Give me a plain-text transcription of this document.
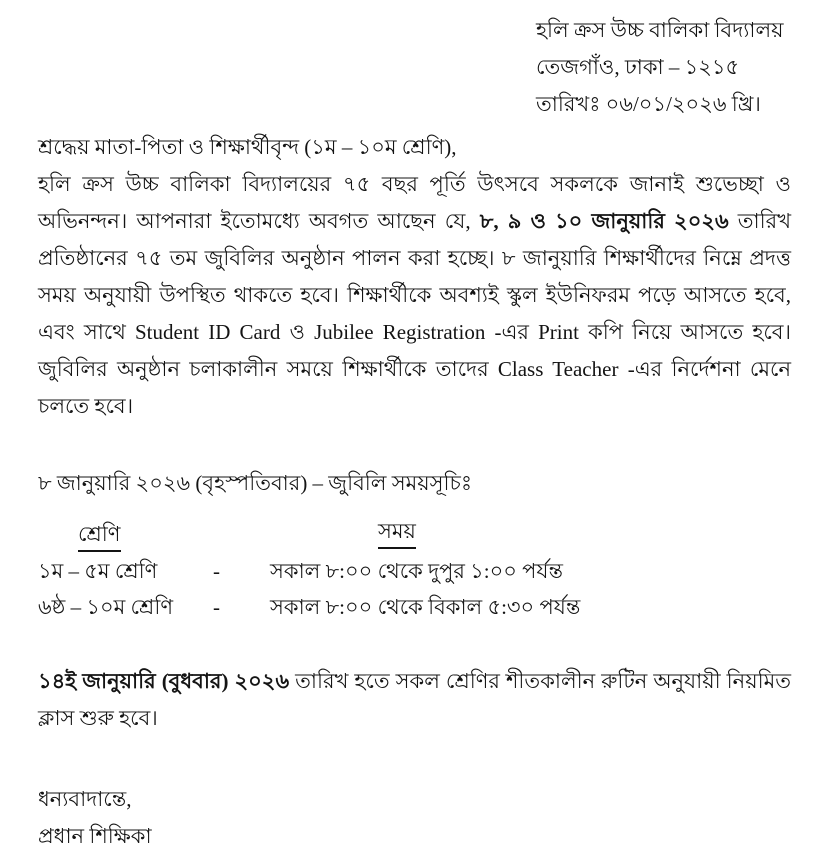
হলি ক্রস উচ্চ বালিকা বিদ্যালয়
তেজগাঁও, ঢাকা – ১২১৫
তারিখঃ ০৬/০১/২০২৬ খ্রি।
শ্রদ্ধেয় মাতা-পিতা ও শিক্ষার্থীবৃন্দ (১ম – ১০ম শ্রেণি),
হলি ক্রস উচ্চ বালিকা বিদ্যালয়ের ৭৫ বছর পূর্তি উৎসবে সকলকে জানাই শুভেচ্ছা ও অভিনন্দন। আপনারা ইতোমধ্যে অবগত আছেন যে, ৮, ৯ ও ১০ জানুয়ারি ২০২৬ তারিখ প্রতিষ্ঠানের ৭৫ তম জুবিলির অনুষ্ঠান পালন করা হচ্ছে। ৮ জানুয়ারি শিক্ষার্থীদের নিম্নে প্রদত্ত সময় অনুযায়ী উপস্থিত থাকতে হবে। শিক্ষার্থীকে অবশ্যই স্কুল ইউনিফরম পড়ে আসতে হবে, এবং সাথে Student ID Card ও Jubilee Registration -এর Print কপি নিয়ে আসতে হবে। জুবিলির অনুষ্ঠান চলাকালীন সময়ে শিক্ষার্থীকে তাদের Class Teacher -এর নির্দেশনা মেনে চলতে হবে।
৮ জানুয়ারি ২০২৬ (বৃহস্পতিবার) – জুবিলি সময়সূচিঃ
শ্রেণি	সময়
১ম – ৫ম শ্রেণি	-	সকাল ৮:০০ থেকে দুপুর ১:০০ পর্যন্ত
৬ষ্ঠ – ১০ম শ্রেণি	-	সকাল ৮:০০ থেকে বিকাল ৫:৩০ পর্যন্ত
১৪ই জানুয়ারি (বুধবার) ২০২৬ তারিখ হতে সকল শ্রেণির শীতকালীন রুটিন অনুযায়ী নিয়মিত ক্লাস শুরু হবে।
ধন্যবাদান্তে,
প্রধান শিক্ষিকা
